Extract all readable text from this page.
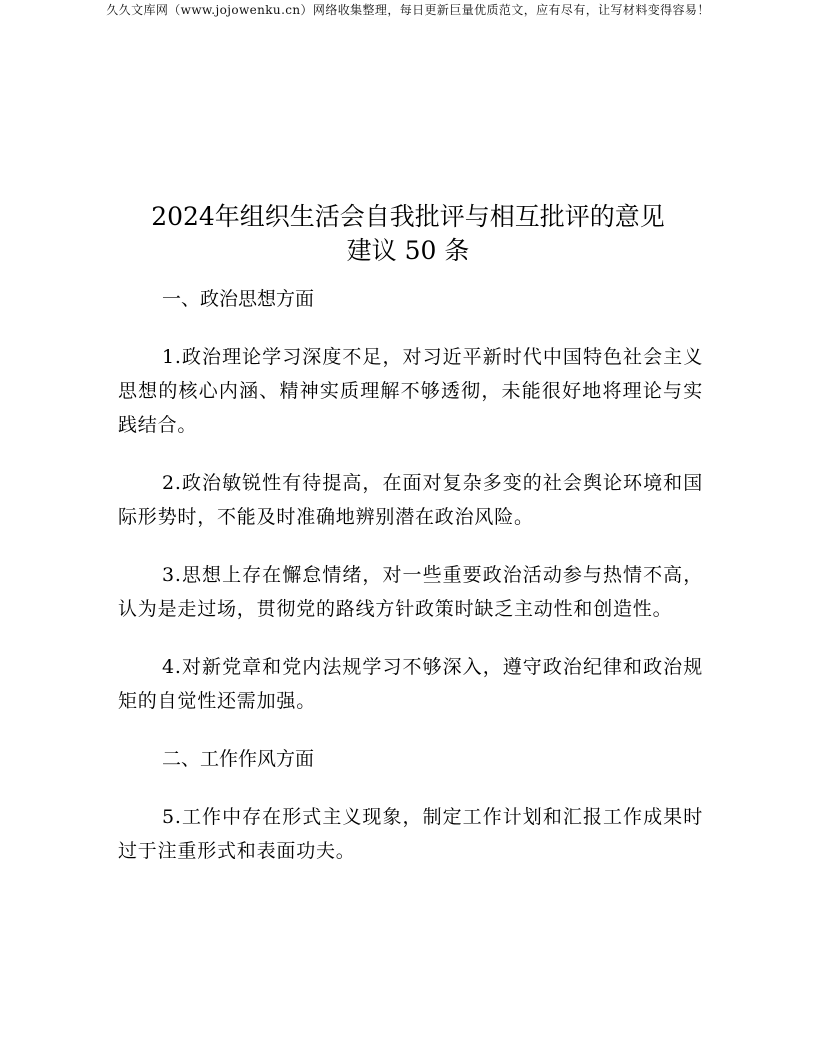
久久文库网（www.jojowenku.cn）网络收集整理，每日更新巨量优质范文，应有尽有，让写材料变得容易！
2024年组织生活会自我批评与相互批评的意见
建议 50 条

一、政治思想方面

1.政治理论学习深度不足，对习近平新时代中国特色社会主义思想的核心内涵、精神实质理解不够透彻，未能很好地将理论与实践结合。

2.政治敏锐性有待提高，在面对复杂多变的社会舆论环境和国际形势时，不能及时准确地辨别潜在政治风险。

3.思想上存在懈怠情绪，对一些重要政治活动参与热情不高，认为是走过场，贯彻党的路线方针政策时缺乏主动性和创造性。

4.对新党章和党内法规学习不够深入，遵守政治纪律和政治规矩的自觉性还需加强。

二、工作作风方面

5.工作中存在形式主义现象，制定工作计划和汇报工作成果时过于注重形式和表面功夫。
